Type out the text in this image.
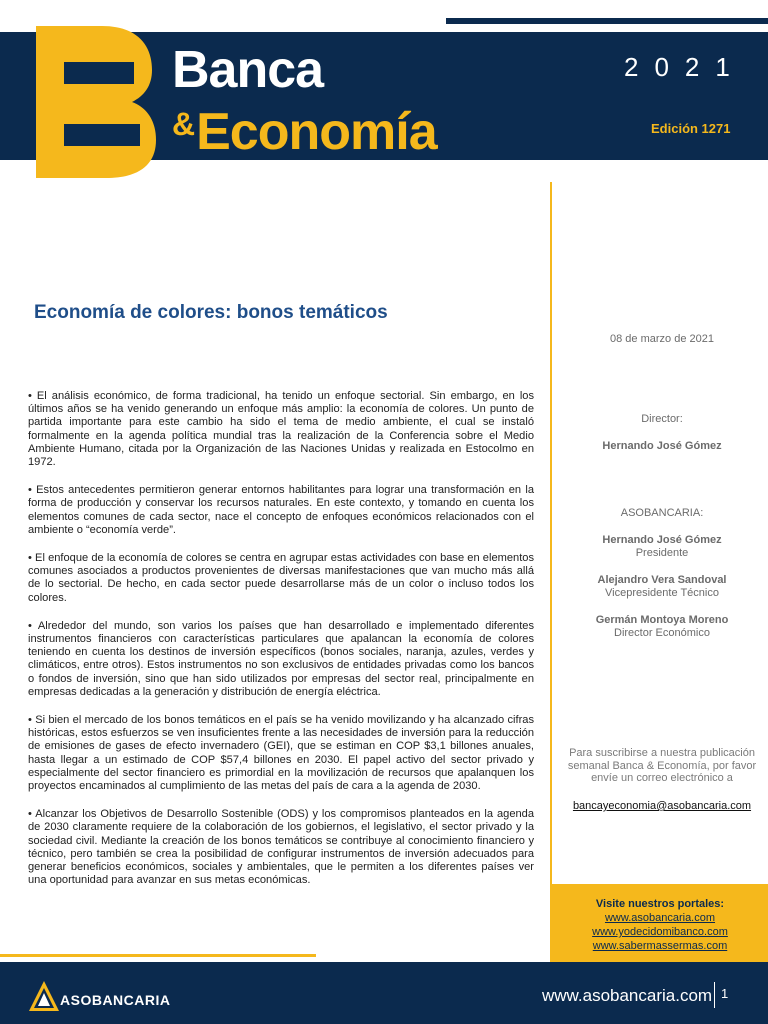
Banca
&Economía
2021
Edición 1271
Economía de colores: bonos temáticos

• El análisis económico, de forma tradicional, ha tenido un enfoque sectorial. Sin embargo, en los últimos años se ha venido generando un enfoque más amplio: la economía de colores. Un punto de partida importante para este cambio ha sido el tema de medio ambiente, el cual se instaló formalmente en la agenda política mundial tras la realización de la Conferencia sobre el Medio Ambiente Humano, citada por la Organización de las Naciones Unidas y realizada en Estocolmo en 1972.

• Estos antecedentes permitieron generar entornos habilitantes para lograr una transformación en la forma de producción y conservar los recursos naturales. En este contexto, y tomando en cuenta los elementos comunes de cada sector, nace el concepto de enfoques económicos relacionados con el ambiente o “economía verde”.

• El enfoque de la economía de colores se centra en agrupar estas actividades con base en elementos comunes asociados a productos provenientes de diversas manifestaciones que van mucho más allá de lo sectorial. De hecho, en cada sector puede desarrollarse más de un color o incluso todos los colores.

• Alrededor del mundo, son varios los países que han desarrollado e implementado diferentes instrumentos financieros con características particulares que apalancan la economía de colores teniendo en cuenta los destinos de inversión específicos (bonos sociales, naranja, azules, verdes y climáticos, entre otros). Estos instrumentos no son exclusivos de entidades privadas como los bancos o fondos de inversión, sino que han sido utilizados por empresas del sector real, principalmente en empresas dedicadas a la generación y distribución de energía eléctrica.

• Si bien el mercado de los bonos temáticos en el país se ha venido movilizando y ha alcanzado cifras históricas, estos esfuerzos se ven insuficientes frente a las necesidades de inversión para la reducción de emisiones de gases de efecto invernadero (GEI), que se estiman en COP $3,1 billones anuales, hasta llegar a un estimado de COP $57,4 billones en 2030. El papel activo del sector privado y especialmente del sector financiero es primordial en la movilización de recursos que apalanquen los proyectos encaminados al cumplimiento de las metas del país de cara a la agenda de 2030.

• Alcanzar los Objetivos de Desarrollo Sostenible (ODS) y los compromisos planteados en la agenda de 2030 claramente requiere de la colaboración de los gobiernos, el legislativo, el sector privado y la sociedad civil. Mediante la creación de los bonos temáticos se contribuye al conocimiento financiero y técnico, pero también se crea la posibilidad de configurar instrumentos de inversión adecuados para generar beneficios económicos, sociales y ambientales, que le permiten a los diferentes países ver una oportunidad para avanzar en sus metas económicas.

08 de marzo de 2021
Director:
Hernando José Gómez
ASOBANCARIA:
Hernando José Gómez
Presidente
Alejandro Vera Sandoval
Vicepresidente Técnico
Germán Montoya Moreno
Director Económico
Para suscribirse a nuestra publicación semanal Banca & Economía, por favor envíe un correo electrónico a
bancayeconomia@asobancaria.com
Visite nuestros portales:
www.asobancaria.com
www.yodecidomibanco.com
www.sabermassermas.com
ASOBANCARIA	www.asobancaria.com 1
